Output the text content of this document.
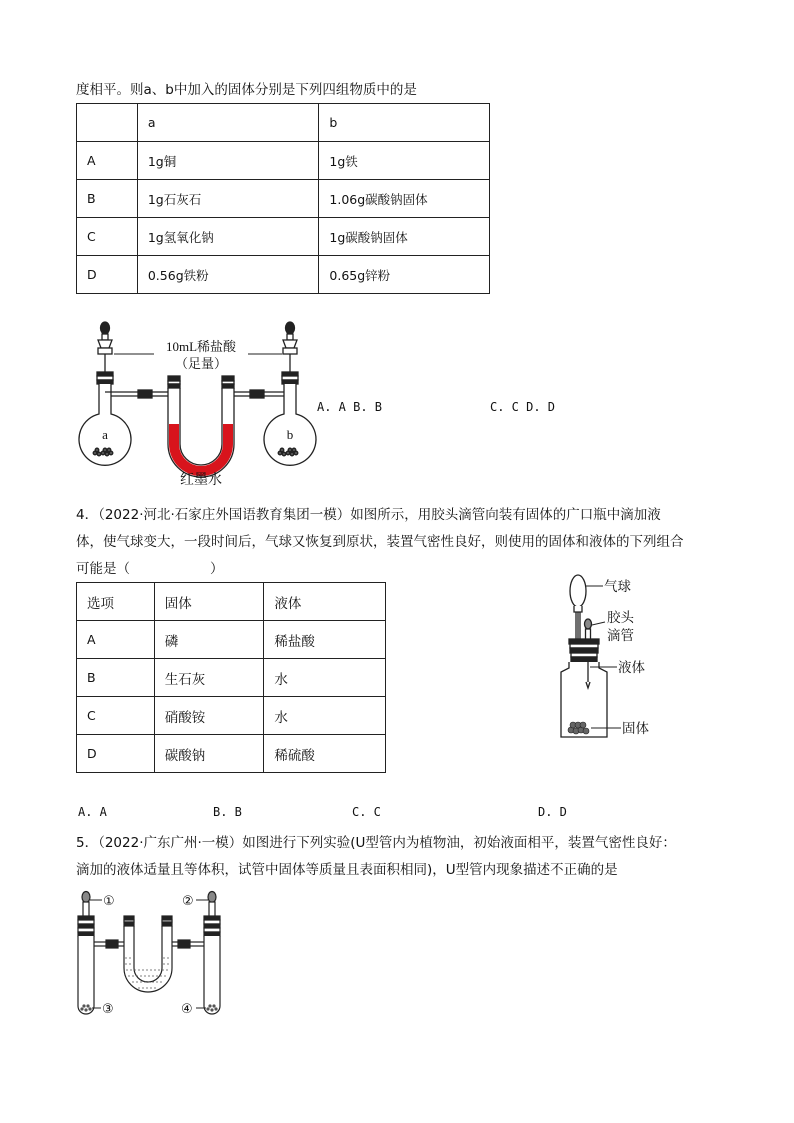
度相平。则a、b中加入的固体分别是下列四组物质中的是
	a	b
A	1g铜	1g铁
B	1g石灰石	1.06g碳酸钠固体
C	1g氢氧化钠	1g碳酸钠固体
D	0.56g铁粉	0.65g锌粉
10mL稀盐酸
（足量）
a	b
红墨水
A. A B. B	C. C D. D
4．（2022·河北·石家庄外国语教育集团一模）如图所示，用胶头滴管向装有固体的广口瓶中滴加液
体，使气球变大，一段时间后，气球又恢复到原状，装置气密性良好，则使用的固体和液体的下列组合
可能是（	）
选项	固体	液体
A	磷	稀盐酸
B	生石灰	水
C	硝酸铵	水
D	碳酸钠	稀硫酸
气球
胶头
滴管
液体
固体
A. A	B. B	C. C	D. D
5．（2022·广东广州·一模）如图进行下列实验(U型管内为植物油，初始液面相平，装置气密性良好：
滴加的液体适量且等体积，试管中固体等质量且表面积相同)，U型管内现象描述不正确的是
①	②
③	④
